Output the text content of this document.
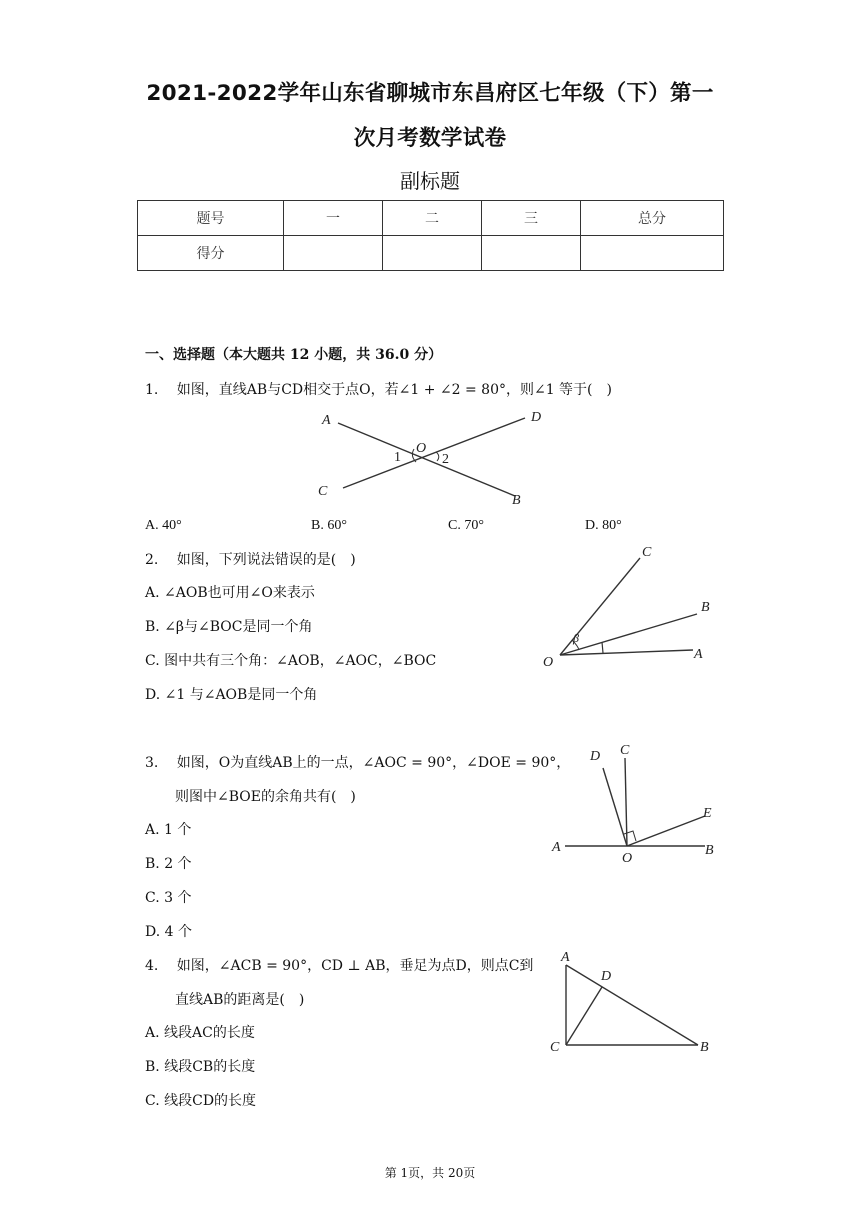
2021-2022学年山东省聊城市东昌府区七年级（下）第一
次月考数学试卷
副标题
题号	一	二	三	总分
得分				
一、选择题（本大题共 12 小题，共 36.0 分）
1.　 如图，直线AB与CD相交于点O，若∠1 + ∠2 = 80°，则∠1 等于(　)
A	D
O
1	2
C
B
A. 40°	B. 60°	C. 70°	D. 80°
2.　 如图，下列说法错误的是(　)
A. ∠AOB也可用∠O来表示
B. ∠β与∠BOC是同一个角
C. 图中共有三个角：∠AOB，∠AOC，∠BOC
D. ∠1 与∠AOB是同一个角
C
B
A
O
β
3.　 如图，O为直线AB上的一点，∠AOC = 90°，∠DOE = 90°，
则图中∠BOE的余角共有(　)
A. 1 个
B. 2 个
C. 3 个
D. 4 个
D C
E
A
O
B
4.　 如图，∠ACB = 90°，CD ⊥ AB，垂足为点D，则点C到
直线AB的距离是(　)
A. 线段AC的长度
B. 线段CB的长度
C. 线段CD的长度
A
D
C	B
第 1页，共 20页
